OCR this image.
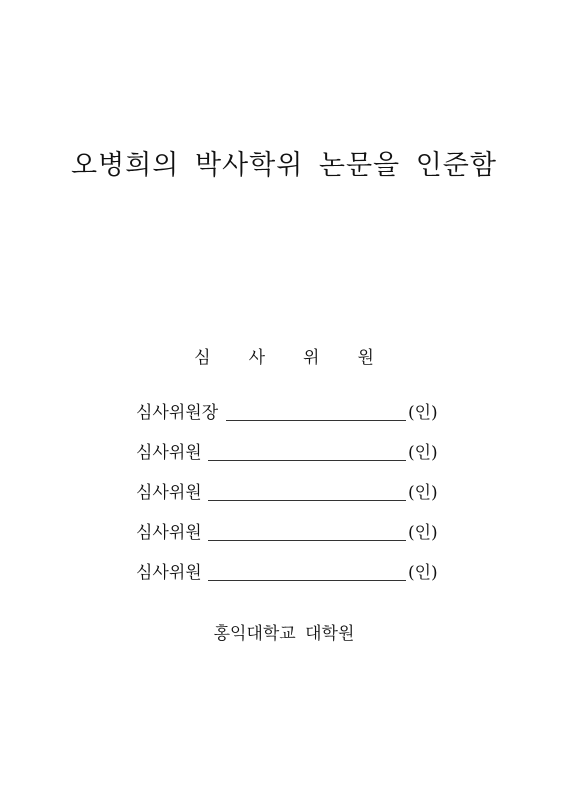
오병희의 박사학위 논문을 인준함
심 사 위 원
심사위원장	(인)
심사위원	(인)
심사위원	(인)
심사위원	(인)
심사위원	(인)
홍익대학교 대학원
